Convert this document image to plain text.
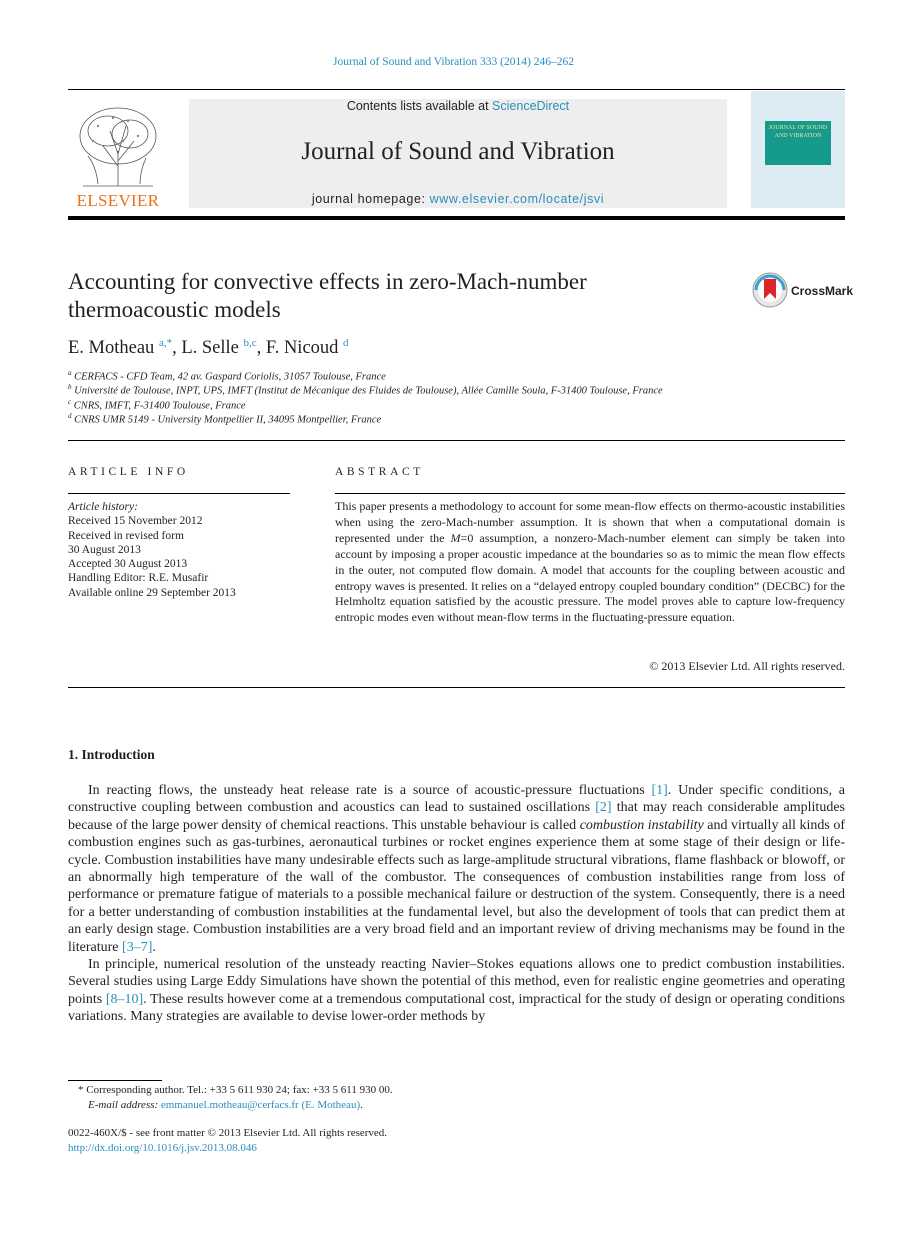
Journal of Sound and Vibration 333 (2014) 246–262
ELSEVIER
Contents lists available at ScienceDirect
Journal of Sound and Vibration
journal homepage: www.elsevier.com/locate/jsvi
JOURNAL OF SOUND AND VIBRATION
Accounting for convective effects in zero-Mach-number
thermoacoustic models
CrossMark
E. Motheau $^{a,*}$, L. Selle $^{b,c}$, F. Nicoud $^d$
$^a$ CERFACS - CFD Team, 42 av. Gaspard Coriolis, 31057 Toulouse, France
$^b$ Université de Toulouse, INPT, UPS, IMFT (Institut de Mécanique des Fluides de Toulouse), Allée Camille Soula, F-31400 Toulouse, France
$^c$ CNRS, IMFT, F-31400 Toulouse, France
$^d$ CNRS UMR 5149 - University Montpellier II, 34095 Montpellier, France
ARTICLE INFO
Article history:
Received 15 November 2012
Received in revised form
30 August 2013
Accepted 30 August 2013
Handling Editor: R.E. Musafir
Available online 29 September 2013
ABSTRACT
This paper presents a methodology to account for some mean-flow effects on thermo-acoustic instabilities when using the zero-Mach-number assumption. It is shown that when a computational domain is represented under the M=0 assumption, a nonzero-Mach-number element can simply be taken into account by imposing a proper acoustic impedance at the boundaries so as to mimic the mean flow effects in the outer, not computed flow domain. A model that accounts for the coupling between acoustic and entropy waves is presented. It relies on a “delayed entropy coupled boundary condition” (DECBC) for the Helmholtz equation satisfied by the acoustic pressure. The model proves able to capture low-frequency entropic modes even without mean-flow terms in the fluctuating-pressure equation.
© 2013 Elsevier Ltd. All rights reserved.
1. Introduction

In reacting flows, the unsteady heat release rate is a source of acoustic-pressure fluctuations [1]. Under specific conditions, a constructive coupling between combustion and acoustics can lead to sustained oscillations [2] that may reach considerable amplitudes because of the large power density of chemical reactions. This unstable behaviour is called combustion instability and virtually all kinds of combustion engines such as gas-turbines, aeronautical turbines or rocket engines experience them at some stage of their design or life-cycle. Combustion instabilities have many undesirable effects such as large-amplitude structural vibrations, flame flashback or blowoff, or an abnormally high temperature of the wall of the combustor. The consequences of combustion instabilities range from loss of performance or premature fatigue of materials to a possible mechanical failure or destruction of the system. Consequently, there is a need for a better understanding of combustion instabilities at the fundamental level, but also the development of tools that can predict them at an early design stage. Combustion instabilities are a very broad field and an important review of driving mechanisms may be found in the literature [3–7].

In principle, numerical resolution of the unsteady reacting Navier–Stokes equations allows one to predict combustion instabilities. Several studies using Large Eddy Simulations have shown the potential of this method, even for realistic engine geometries and operating points [8–10]. These results however come at a tremendous computational cost, impractical for the study of design or operating conditions variations. Many strategies are available to devise lower-order methods by

* Corresponding author. Tel.: +33 5 611 930 24; fax: +33 5 611 930 00.
E-mail address: emmanuel.motheau@cerfacs.fr (E. Motheau).
0022-460X/$ - see front matter © 2013 Elsevier Ltd. All rights reserved.
http://dx.doi.org/10.1016/j.jsv.2013.08.046
